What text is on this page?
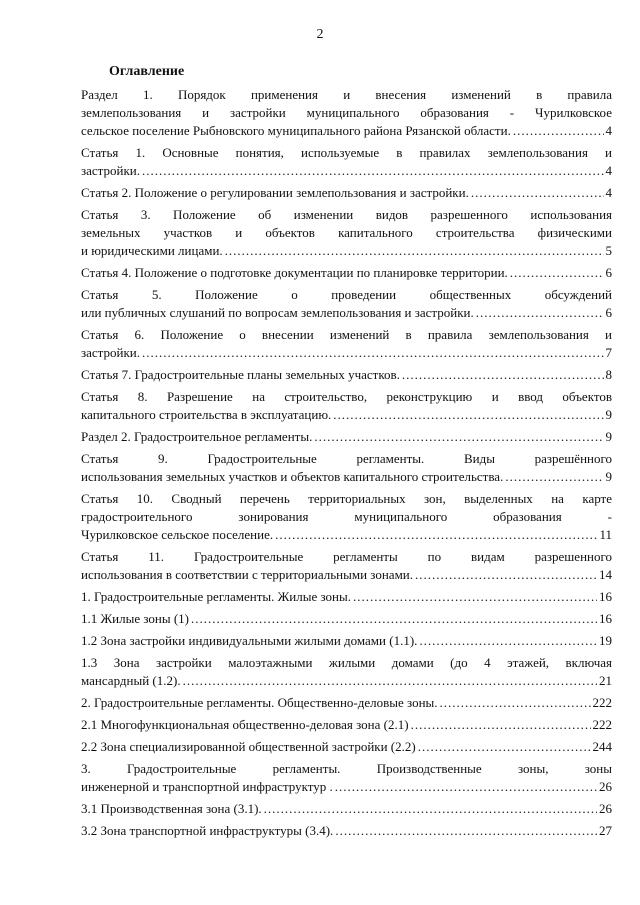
2
Оглавление
Раздел 1. Порядок применения и внесения изменений в правила
землепользования и застройки муниципального образования - Чурилковское
сельское поселение Рыбновского муниципального района Рязанской области. .....	4
Статья 1. Основные понятия, используемые в правилах землепользования и
застройки. .....	4
Статья 2. Положение о регулировании землепользования и застройки. .....	4
Статья 3. Положение об изменении видов разрешенного использования
земельных участков и объектов капитального строительства физическими
и юридическими лицами. .....	5
Статья 4. Положение о подготовке документации по планировке территории. .....	6
Статья 5. Положение о проведении общественных обсуждений
или публичных слушаний по вопросам землепользования и застройки. .....	6
Статья 6. Положение о внесении изменений в правила землепользования и
застройки. .....	7
Статья 7. Градостроительные планы земельных участков. .....	8
Статья 8. Разрешение на строительство, реконструкцию и ввод объектов
капитального строительства в эксплуатацию. .....	9
Раздел 2. Градостроительное регламенты. .....	9
Статья 9. Градостроительные регламенты. Виды разрешённого
использования земельных участков и объектов капитального строительства. .....	9
Статья 10. Сводный перечень территориальных зон, выделенных на карте
градостроительного зонирования муниципального образования -
Чурилковское сельское поселение. .....	11
Статья 11. Градостроительные регламенты по видам разрешенного
использования в соответствии с территориальными зонами. .....	14
1. Градостроительные регламенты. Жилые зоны. .....	16
1.1 Жилые зоны (1) .....	16
1.2 Зона застройки индивидуальными жилыми домами (1.1). .....	19
1.3 Зона застройки малоэтажными жилыми домами (до 4 этажей, включая
мансардный (1.2). .....	21
2. Градостроительные регламенты. Общественно-деловые зоны. .....	222
2.1 Многофункциональная общественно-деловая зона (2.1) .....	222
2.2 Зона специализированной общественной застройки (2.2) .....	244
3. Градостроительные регламенты. Производственные зоны, зоны
инженерной и транспортной инфраструктур . .....	26
3.1 Производственная зона (3.1). .....	26
3.2 Зона транспортной инфраструктуры (3.4). .....	27
